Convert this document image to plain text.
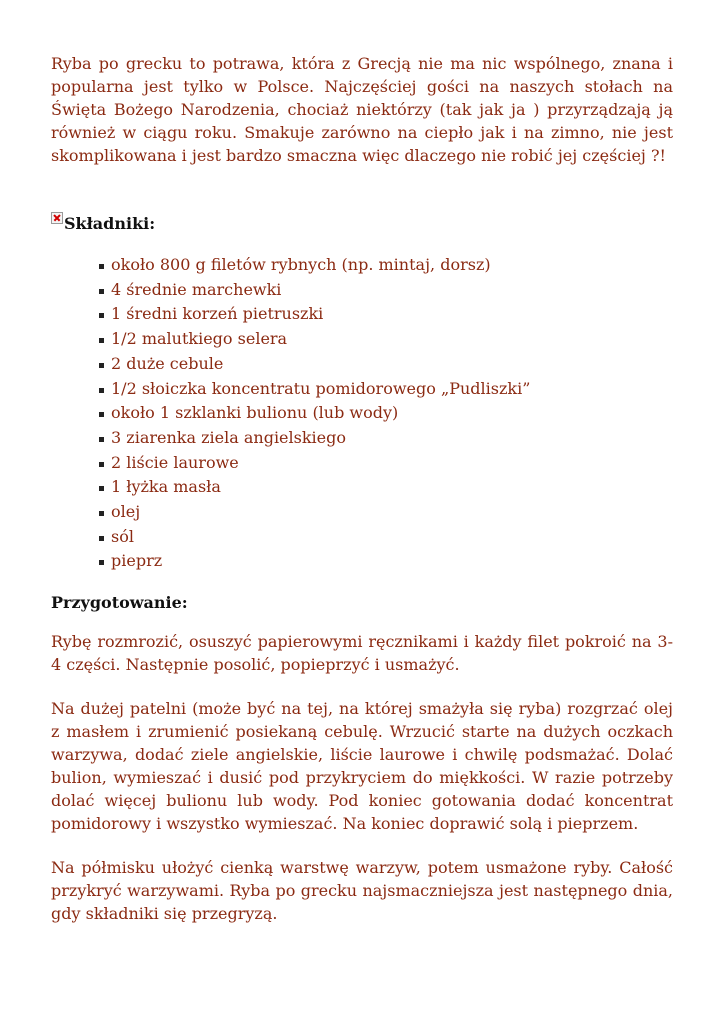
Ryba po grecku to potrawa, która z Grecją nie ma nic wspólnego, znana i popularna jest tylko w Polsce. Najczęściej gości na naszych stołach na Święta Bożego Narodzenia, chociaż niektórzy (tak jak ja ) przyrządzają ją również w ciągu roku. Smakuje zarówno na ciepło jak i na zimno, nie jest skomplikowana i jest bardzo smaczna więc dlaczego nie robić jej częściej ?!

Składniki:
około 800 g filetów rybnych (np. mintaj, dorsz)
4 średnie marchewki
1 średni korzeń pietruszki
1/2 malutkiego selera
2 duże cebule
1/2 słoiczka koncentratu pomidorowego „Pudliszki”
około 1 szklanki bulionu (lub wody)
3 ziarenka ziela angielskiego
2 liście laurowe
1 łyżka masła
olej
sól
pieprz
Przygotowanie:

Rybę rozmrozić, osuszyć papierowymi ręcznikami i każdy filet pokroić na 3-4 części. Następnie posolić, popieprzyć i usmażyć.

Na dużej patelni (może być na tej, na której smażyła się ryba) rozgrzać olej z masłem i zrumienić posiekaną cebulę. Wrzucić starte na dużych oczkach warzywa, dodać ziele angielskie, liście laurowe i chwilę podsmażać. Dolać bulion, wymieszać i dusić pod przykryciem do miękkości. W razie potrzeby dolać więcej bulionu lub wody. Pod koniec gotowania dodać koncentrat pomidorowy i wszystko wymieszać. Na koniec doprawić solą i pieprzem.

Na półmisku ułożyć cienką warstwę warzyw, potem usmażone ryby. Całość przykryć warzywami. Ryba po grecku najsmaczniejsza jest następnego dnia, gdy składniki się przegryzą.
